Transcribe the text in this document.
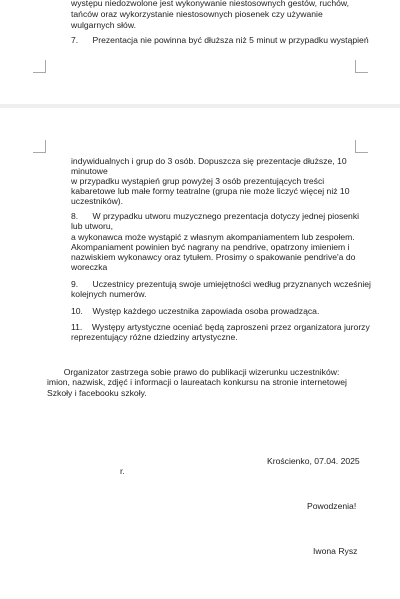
występu niedozwolone jest wykonywanie niestosownych gestów, ruchów,
tańców oraz wykorzystanie niestosownych piosenek czy używanie
wulgarnych słów.
7.      Prezentacja nie powinna być dłuższa niż 5 minut w przypadku wystąpień
indywidualnych i grup do 3 osób. Dopuszcza się prezentacje dłuższe, 10
minutowe
w przypadku wystąpień grup powyżej 3 osób prezentujących treści
kabaretowe lub małe formy teatralne (grupa nie może liczyć więcej niż 10
uczestników).
8.      W przypadku utworu muzycznego prezentacja dotyczy jednej piosenki
lub utworu,
a wykonawca może wystąpić z własnym akompaniamentem lub zespołem.
Akompaniament powinien być nagrany na pendrive, opatrzony imieniem i
nazwiskiem wykonawcy oraz tytułem. Prosimy o spakowanie pendrive'a do
woreczka
9.      Uczestnicy prezentują swoje umiejętności według przyznanych wcześniej
kolejnych numerów.
10.    Występ każdego uczestnika zapowiada osoba prowadząca.
11.    Występy artystyczne oceniać będą zaproszeni przez organizatora jurorzy
reprezentujący różne dziedziny artystyczne.
Organizator zastrzega sobie prawo do publikacji wizerunku uczestników:
imion, nazwisk, zdjęć i informacji o laureatach konkursu na stronie internetowej
Szkoły i facebooku szkoły.
Krościenko, 07.04. 2025
r.
Powodzenia!
Iwona Rysz
